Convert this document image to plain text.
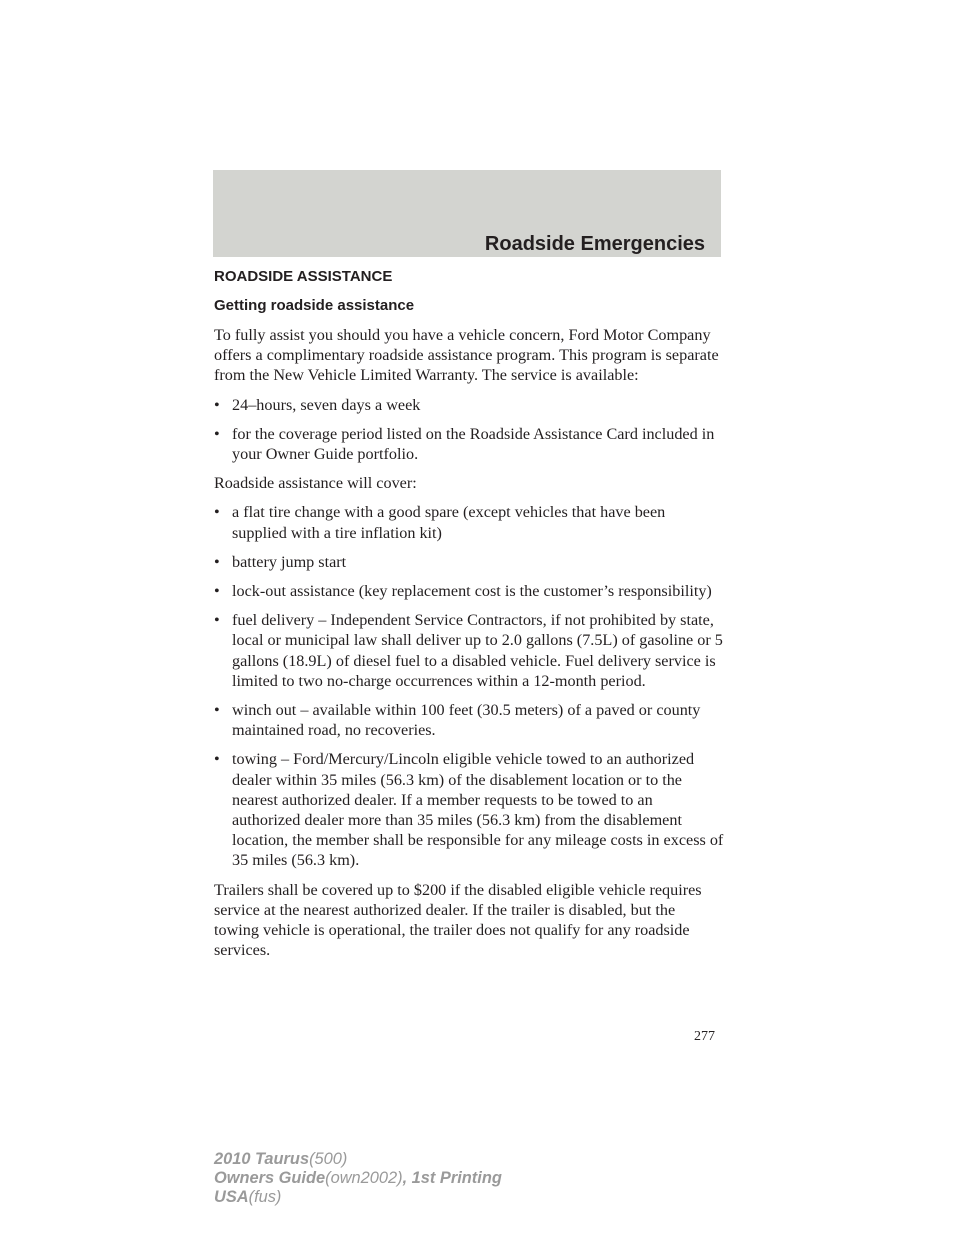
Roadside Emergencies
ROADSIDE ASSISTANCE
Getting roadside assistance

To fully assist you should you have a vehicle concern, Ford Motor Company offers a complimentary roadside assistance program. This program is separate from the New Vehicle Limited Warranty. The service is available:

• 24–hours, seven days a week
• for the coverage period listed on the Roadside Assistance Card included in your Owner Guide portfolio.

Roadside assistance will cover:

• a flat tire change with a good spare (except vehicles that have been supplied with a tire inflation kit)
• battery jump start
• lock-out assistance (key replacement cost is the customer’s responsibility)
• fuel delivery – Independent Service Contractors, if not prohibited by state, local or municipal law shall deliver up to 2.0 gallons (7.5L) of gasoline or 5 gallons (18.9L) of diesel fuel to a disabled vehicle. Fuel delivery service is limited to two no-charge occurrences within a 12-month period.
• winch out – available within 100 feet (30.5 meters) of a paved or county maintained road, no recoveries.
• towing – Ford/Mercury/Lincoln eligible vehicle towed to an authorized dealer within 35 miles (56.3 km) of the disablement location or to the nearest authorized dealer. If a member requests to be towed to an authorized dealer more than 35 miles (56.3 km) from the disablement location, the member shall be responsible for any mileage costs in excess of 35 miles (56.3 km).

Trailers shall be covered up to $200 if the disabled eligible vehicle requires service at the nearest authorized dealer. If the trailer is disabled, but the towing vehicle is operational, the trailer does not qualify for any roadside services.

277
2010 Taurus(500)
Owners Guide(own2002), 1st Printing
USA(fus)
